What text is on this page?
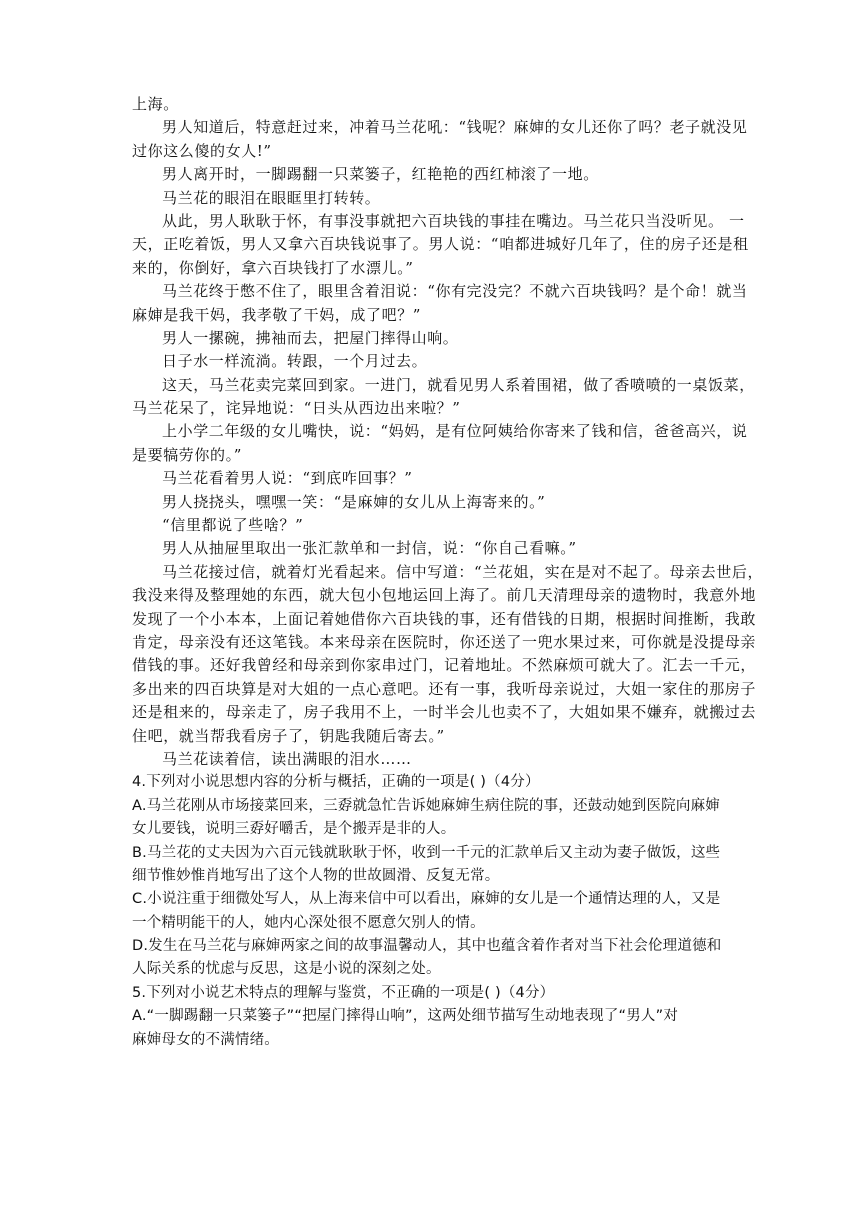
上海。
男人知道后，特意赶过来，冲着马兰花吼：“钱呢？麻婶的女儿还你了吗？老子就没见
过你这么傻的女人!”
男人离开时，一脚踢翻一只菜篓子，红艳艳的西红柿滚了一地。
马兰花的眼泪在眼眶里打转转。
从此，男人耿耿于怀，有事没事就把六百块钱的事挂在嘴边。马兰花只当没听见。 一
天，正吃着饭，男人又拿六百块钱说事了。男人说：“咱都进城好几年了，住的房子还是租
来的，你倒好，拿六百块钱打了水漂儿。”
马兰花终于憋不住了，眼里含着泪说：“你有完没完？不就六百块钱吗？是个命！就当
麻婶是我干妈，我孝敬了干妈，成了吧？”
男人一摞碗，拂袖而去，把屋门摔得山响。
日子水一样流淌。转跟，一个月过去。
这天，马兰花卖完菜回到家。一进门，就看见男人系着围裙，做了香喷喷的一桌饭菜，
马兰花呆了，诧异地说：“日头从西边出来啦？”
上小学二年级的女儿嘴快，说：“妈妈，是有位阿姨给你寄来了钱和信，爸爸高兴，说
是要犒劳你的。”
马兰花看着男人说：“到底咋回事？”
男人挠挠头，嘿嘿一笑：“是麻婶的女儿从上海寄来的。”
“信里都说了些啥？”
男人从抽屉里取出一张汇款单和一封信，说：“你自己看嘛。”
马兰花接过信，就着灯光看起来。信中写道：“兰花姐，实在是对不起了。母亲去世后，
我没来得及整理她的东西，就大包小包地运回上海了。前几天清理母亲的遗物时，我意外地
发现了一个小本本，上面记着她借你六百块钱的事，还有借钱的日期，根据时间推断，我敢
肯定，母亲没有还这笔钱。本来母亲在医院时，你还送了一兜水果过来，可你就是没提母亲
借钱的事。还好我曾经和母亲到你家串过门，记着地址。不然麻烦可就大了。汇去一千元，
多出来的四百块算是对大姐的一点心意吧。还有一事，我听母亲说过，大姐一家住的那房子
还是租来的，母亲走了，房子我用不上，一时半会儿也卖不了，大姐如果不嫌弃，就搬过去
住吧，就当帮我看房子了，钥匙我随后寄去。”
马兰花读着信，读出满眼的泪水……
4.下列对小说思想内容的分析与概括，正确的一项是( )（4分）
A.马兰花刚从市场接菜回来，三孬就急忙告诉她麻婶生病住院的事，还鼓动她到医院向麻婶
女儿要钱，说明三孬好嚼舌，是个搬弄是非的人。
B.马兰花的丈夫因为六百元钱就耿耿于怀，收到一千元的汇款单后又主动为妻子做饭，这些
细节惟妙惟肖地写出了这个人物的世故圆滑、反复无常。
C.小说注重于细微处写人，从上海来信中可以看出，麻婶的女儿是一个通情达理的人，又是
一个精明能干的人，她内心深处很不愿意欠别人的情。
D.发生在马兰花与麻婶两家之间的故事温馨动人，其中也蕴含着作者对当下社会伦理道德和
人际关系的忧虑与反思，这是小说的深刻之处。
5.下列对小说艺术特点的理解与鉴赏，不正确的一项是( )（4分）
A.“一脚踢翻一只菜篓子”“把屋门摔得山响”，这两处细节描写生动地表现了“男人”对
麻婶母女的不满情绪。
